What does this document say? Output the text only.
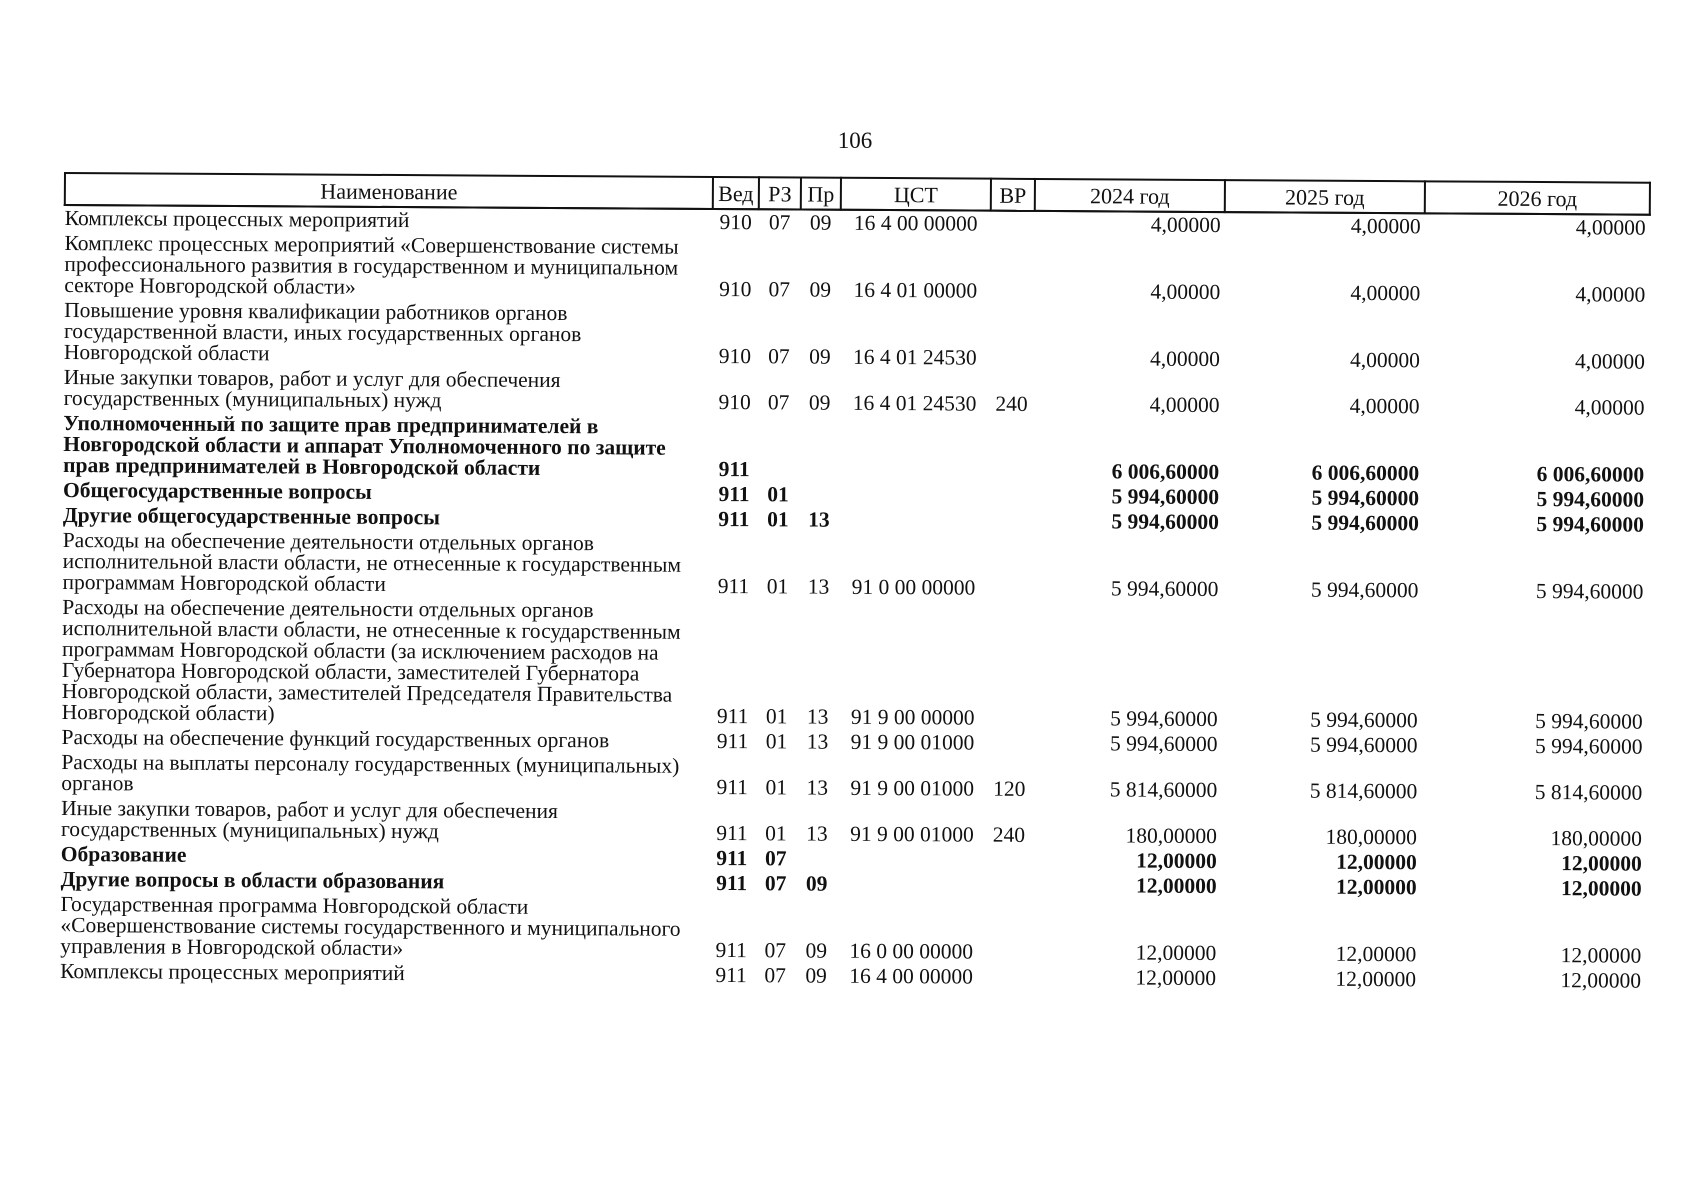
106
Наименование	Вед	РЗ	Пр	ЦСТ	ВР	2024 год	2025 год	2026 год
Комплексы процессных мероприятий	910	07	09	16 4 00 00000		4,00000	4,00000	4,00000
Комплекс процессных мероприятий «Совершенствование системы профессионального развития в государственном и муниципальном секторе Новгородской области»	910	07	09	16 4 01 00000		4,00000	4,00000	4,00000
Повышение уровня квалификации работников органов государственной власти, иных государственных органов Новгородской области	910	07	09	16 4 01 24530		4,00000	4,00000	4,00000
Иные закупки товаров, работ и услуг для обеспечения государственных (муниципальных) нужд	910	07	09	16 4 01 24530	240	4,00000	4,00000	4,00000
Уполномоченный по защите прав предпринимателей в Новгородской области и аппарат Уполномоченного по защите прав предпринимателей в Новгородской области	911					6 006,60000	6 006,60000	6 006,60000
Общегосударственные вопросы	911	01				5 994,60000	5 994,60000	5 994,60000
Другие общегосударственные вопросы	911	01	13			5 994,60000	5 994,60000	5 994,60000
Расходы на обеспечение деятельности отдельных органов исполнительной власти области, не отнесенные к государственным программам Новгородской области	911	01	13	91 0 00 00000		5 994,60000	5 994,60000	5 994,60000
Расходы на обеспечение деятельности отдельных органов исполнительной власти области, не отнесенные к государственным программам Новгородской области (за исключением расходов на Губернатора Новгородской области, заместителей Губернатора Новгородской области, заместителей Председателя Правительства Новгородской области)	911	01	13	91 9 00 00000		5 994,60000	5 994,60000	5 994,60000
Расходы на обеспечение функций государственных органов	911	01	13	91 9 00 01000		5 994,60000	5 994,60000	5 994,60000
Расходы на выплаты персоналу государственных (муниципальных) органов	911	01	13	91 9 00 01000	120	5 814,60000	5 814,60000	5 814,60000
Иные закупки товаров, работ и услуг для обеспечения государственных (муниципальных) нужд	911	01	13	91 9 00 01000	240	180,00000	180,00000	180,00000
Образование	911	07				12,00000	12,00000	12,00000
Другие вопросы в области образования	911	07	09			12,00000	12,00000	12,00000
Государственная программа Новгородской области «Совершенствование системы государственного и муниципального управления в Новгородской области»	911	07	09	16 0 00 00000		12,00000	12,00000	12,00000
Комплексы процессных мероприятий	911	07	09	16 4 00 00000		12,00000	12,00000	12,00000
